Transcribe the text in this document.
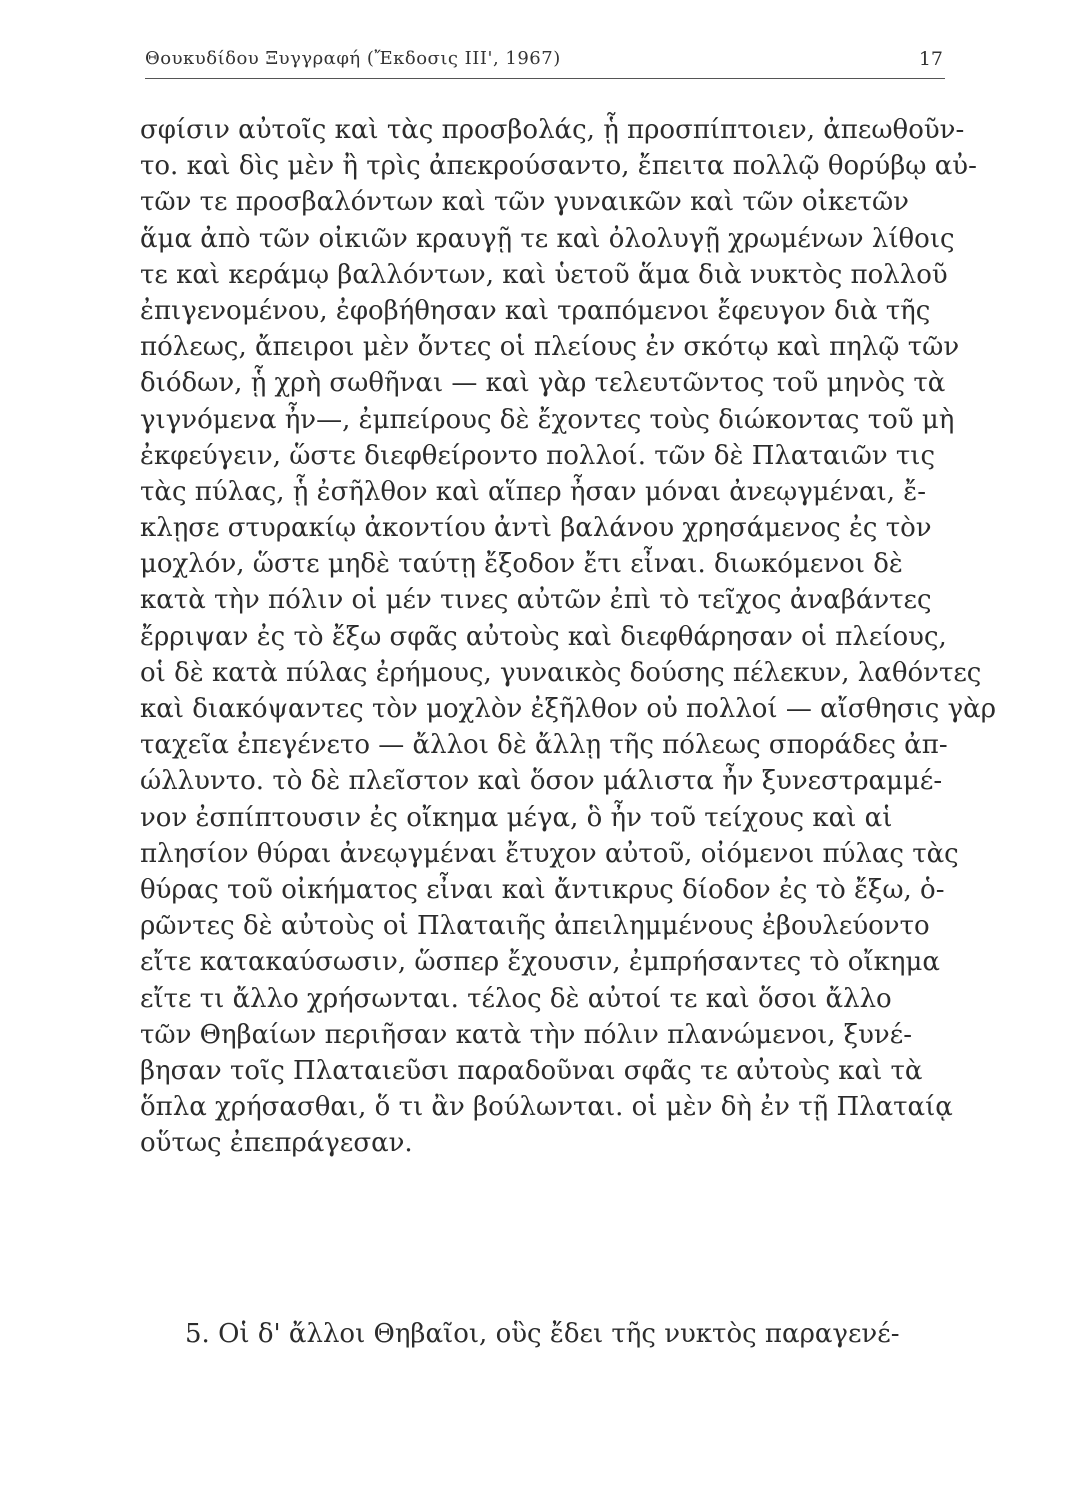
Θουκυδίδου Ξυγγραφή (Ἔκδοσις ΙΙΙ', 1967)	17
σφίσιν αὐτοῖς καὶ τὰς προσβολάς, ᾗ προσπίπτοιεν, ἀπεωθοῦν-
το. καὶ δὶς μὲν ἢ τρὶς ἀπεκρούσαντο, ἔπειτα πολλῷ θορύβῳ αὐ-
τῶν τε προσβαλόντων καὶ τῶν γυναικῶν καὶ τῶν οἰκετῶν
ἅμα ἀπὸ τῶν οἰκιῶν κραυγῇ τε καὶ ὀλολυγῇ χρωμένων λίθοις
τε καὶ κεράμῳ βαλλόντων, καὶ ὑετοῦ ἅμα διὰ νυκτὸς πολλοῦ
ἐπιγενομένου, ἐφοβήθησαν καὶ τραπόμενοι ἔφευγον διὰ τῆς
πόλεως, ἄπειροι μὲν ὄντες οἱ πλείους ἐν σκότῳ καὶ πηλῷ τῶν
διόδων, ᾗ χρὴ σωθῆναι — καὶ γὰρ τελευτῶντος τοῦ μηνὸς τὰ
γιγνόμενα ἦν—, ἐμπείρους δὲ ἔχοντες τοὺς διώκοντας τοῦ μὴ
ἐκφεύγειν, ὥστε διεφθείροντο πολλοί. τῶν δὲ Πλαταιῶν τις
τὰς πύλας, ᾗ ἐσῆλθον καὶ αἵπερ ἦσαν μόναι ἀνεῳγμέναι, ἔ-
κλῃσε στυρακίῳ ἀκοντίου ἀντὶ βαλάνου χρησάμενος ἐς τὸν
μοχλόν, ὥστε μηδὲ ταύτῃ ἔξοδον ἔτι εἶναι. διωκόμενοι δὲ
κατὰ τὴν πόλιν οἱ μέν τινες αὐτῶν ἐπὶ τὸ τεῖχος ἀναβάντες
ἔρριψαν ἐς τὸ ἔξω σφᾶς αὐτοὺς καὶ διεφθάρησαν οἱ πλείους,
οἱ δὲ κατὰ πύλας ἐρήμους, γυναικὸς δούσης πέλεκυν, λαθόντες
καὶ διακόψαντες τὸν μοχλὸν ἐξῆλθον οὐ πολλοί — αἴσθησις γὰρ
ταχεῖα ἐπεγένετο — ἄλλοι δὲ ἄλλῃ τῆς πόλεως σποράδες ἀπ-
ώλλυντο. τὸ δὲ πλεῖστον καὶ ὅσον μάλιστα ἦν ξυνεστραμμέ-
νον ἐσπίπτουσιν ἐς οἴκημα μέγα, ὃ ἦν τοῦ τείχους καὶ αἱ
πλησίον θύραι ἀνεῳγμέναι ἔτυχον αὐτοῦ, οἰόμενοι πύλας τὰς
θύρας τοῦ οἰκήματος εἶναι καὶ ἄντικρυς δίοδον ἐς τὸ ἔξω, ὁ-
ρῶντες δὲ αὐτοὺς οἱ Πλαταιῆς ἀπειλημμένους ἐβουλεύοντο
εἴτε κατακαύσωσιν, ὥσπερ ἔχουσιν, ἐμπρήσαντες τὸ οἴκημα
εἴτε τι ἄλλο χρήσωνται. τέλος δὲ αὐτοί τε καὶ ὅσοι ἄλλο
τῶν Θηβαίων περιῆσαν κατὰ τὴν πόλιν πλανώμενοι, ξυνέ-
βησαν τοῖς Πλαταιεῦσι παραδοῦναι σφᾶς τε αὐτοὺς καὶ τὰ
ὅπλα χρήσασθαι, ὅ τι ἂν βούλωνται. οἱ μὲν δὴ ἐν τῇ Πλαταίᾳ
οὕτως ἐπεπράγεσαν.
5. Οἱ δ' ἄλλοι Θηβαῖοι, οὓς ἔδει τῆς νυκτὸς παραγενέ-
